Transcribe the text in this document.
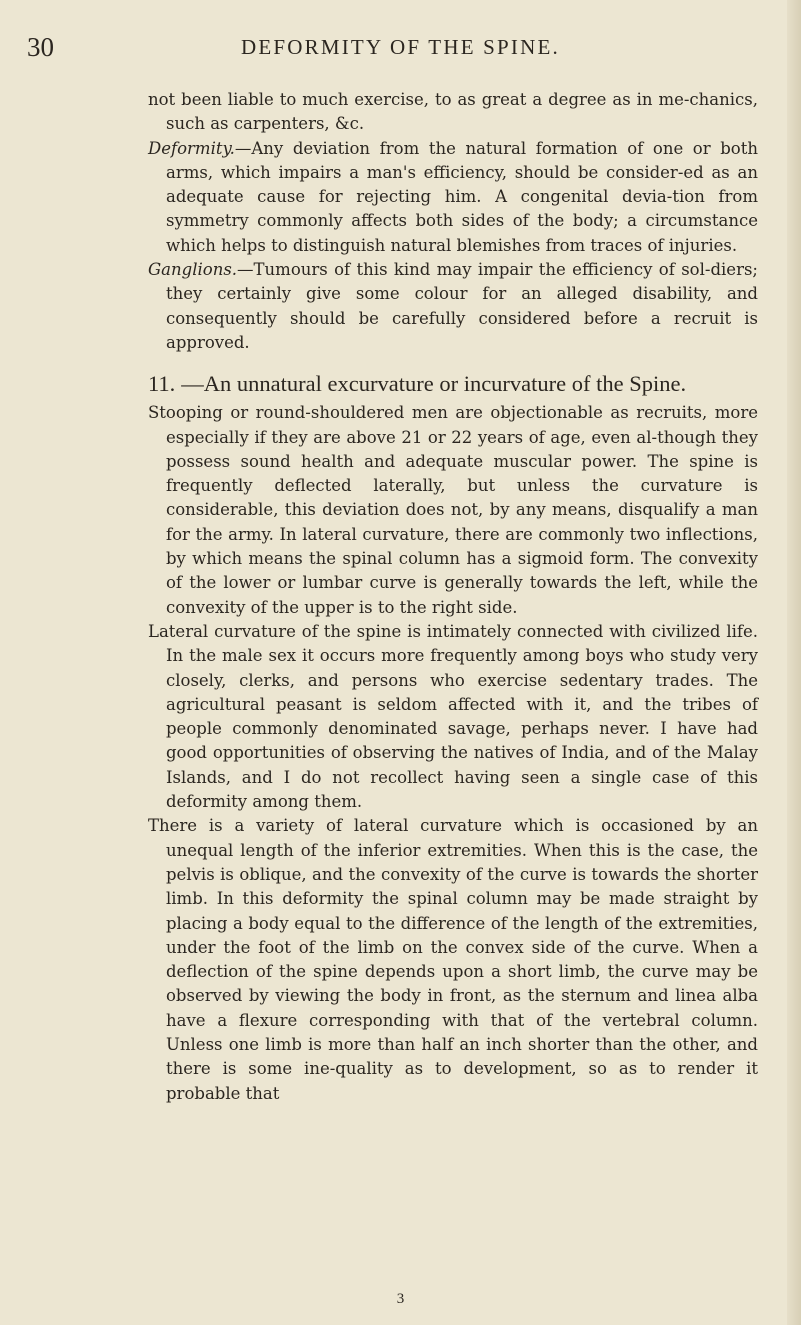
30	DEFORMITY OF THE SPINE.

not been liable to much exercise, to as great a degree as in me-chanics, such as carpenters, &c.

Deformity.—Any deviation from the natural formation of one or both arms, which impairs a man's efficiency, should be consider-ed as an adequate cause for rejecting him. A congenital devia-tion from symmetry commonly affects both sides of the body; a circumstance which helps to distinguish natural blemishes from traces of injuries.

Ganglions.—Tumours of this kind may impair the efficiency of sol-diers; they certainly give some colour for an alleged disability, and consequently should be carefully considered before a recruit is approved.

11. —An unnatural excurvature or incurvature of the Spine.

Stooping or round-shouldered men are objectionable as recruits, more especially if they are above 21 or 22 years of age, even al-though they possess sound health and adequate muscular power. The spine is frequently deflected laterally, but unless the curvature is considerable, this deviation does not, by any means, disqualify a man for the army. In lateral curvature, there are commonly two inflections, by which means the spinal column has a sigmoid form. The convexity of the lower or lumbar curve is generally towards the left, while the convexity of the upper is to the right side.

Lateral curvature of the spine is intimately connected with civilized life. In the male sex it occurs more frequently among boys who study very closely, clerks, and persons who exercise sedentary trades. The agricultural peasant is seldom affected with it, and the tribes of people commonly denominated savage, perhaps never. I have had good opportunities of observing the natives of India, and of the Malay Islands, and I do not recollect having seen a single case of this deformity among them.

There is a variety of lateral curvature which is occasioned by an unequal length of the inferior extremities. When this is the case, the pelvis is oblique, and the convexity of the curve is towards the shorter limb. In this deformity the spinal column may be made straight by placing a body equal to the difference of the length of the extremities, under the foot of the limb on the convex side of the curve. When a deflection of the spine depends upon a short limb, the curve may be observed by viewing the body in front, as the sternum and linea alba have a flexure corresponding with that of the vertebral column. Unless one limb is more than half an inch shorter than the other, and there is some ine-quality as to development, so as to render it probable that

3
